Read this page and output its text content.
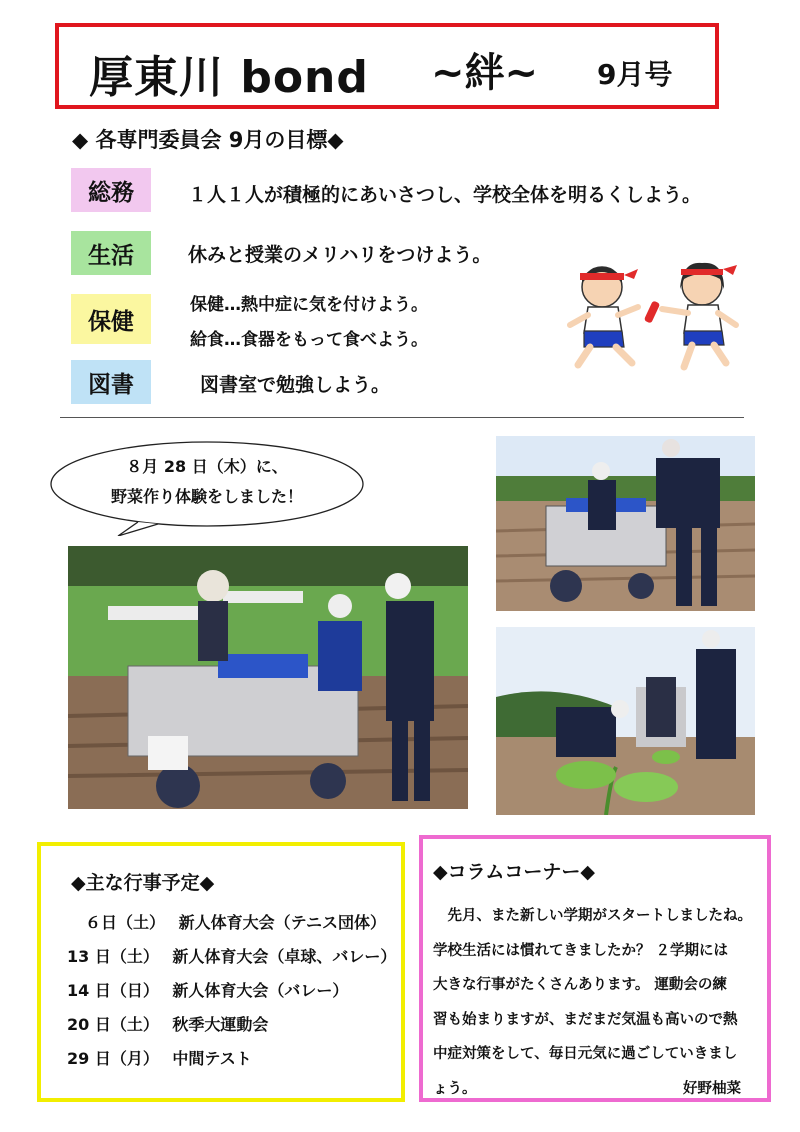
厚東川 bond ~絆~ 9月号
◆ 各専門委員会 9月の目標◆
総務	１人１人が積極的にあいさつし、学校全体を明るくしよう。
生活	休みと授業のメリハリをつけよう。
保健
保健…熱中症に気を付けよう。
給食…食器をもって食べよう。
図書	図書室で勉強しよう。
８月 28 日（木）に、
野菜作り体験をしました！
◆主な行事予定◆
６日（土） 新人体育大会（テニス団体）
13 日（土） 新人体育大会（卓球、バレー）
14 日（日） 新人体育大会（バレー）
20 日（土） 秋季大運動会
29 日（月） 中間テスト
◆コラムコーナー◆
　先月、また新しい学期がスタートしましたね。
学校生活には慣れてきましたか？ ２学期には
大きな行事がたくさんあります。 運動会の練
習も始まりますが、まだまだ気温も高いので熱
中症対策をして、毎日元気に過ごしていきまし
ょう。	好野柚菜
